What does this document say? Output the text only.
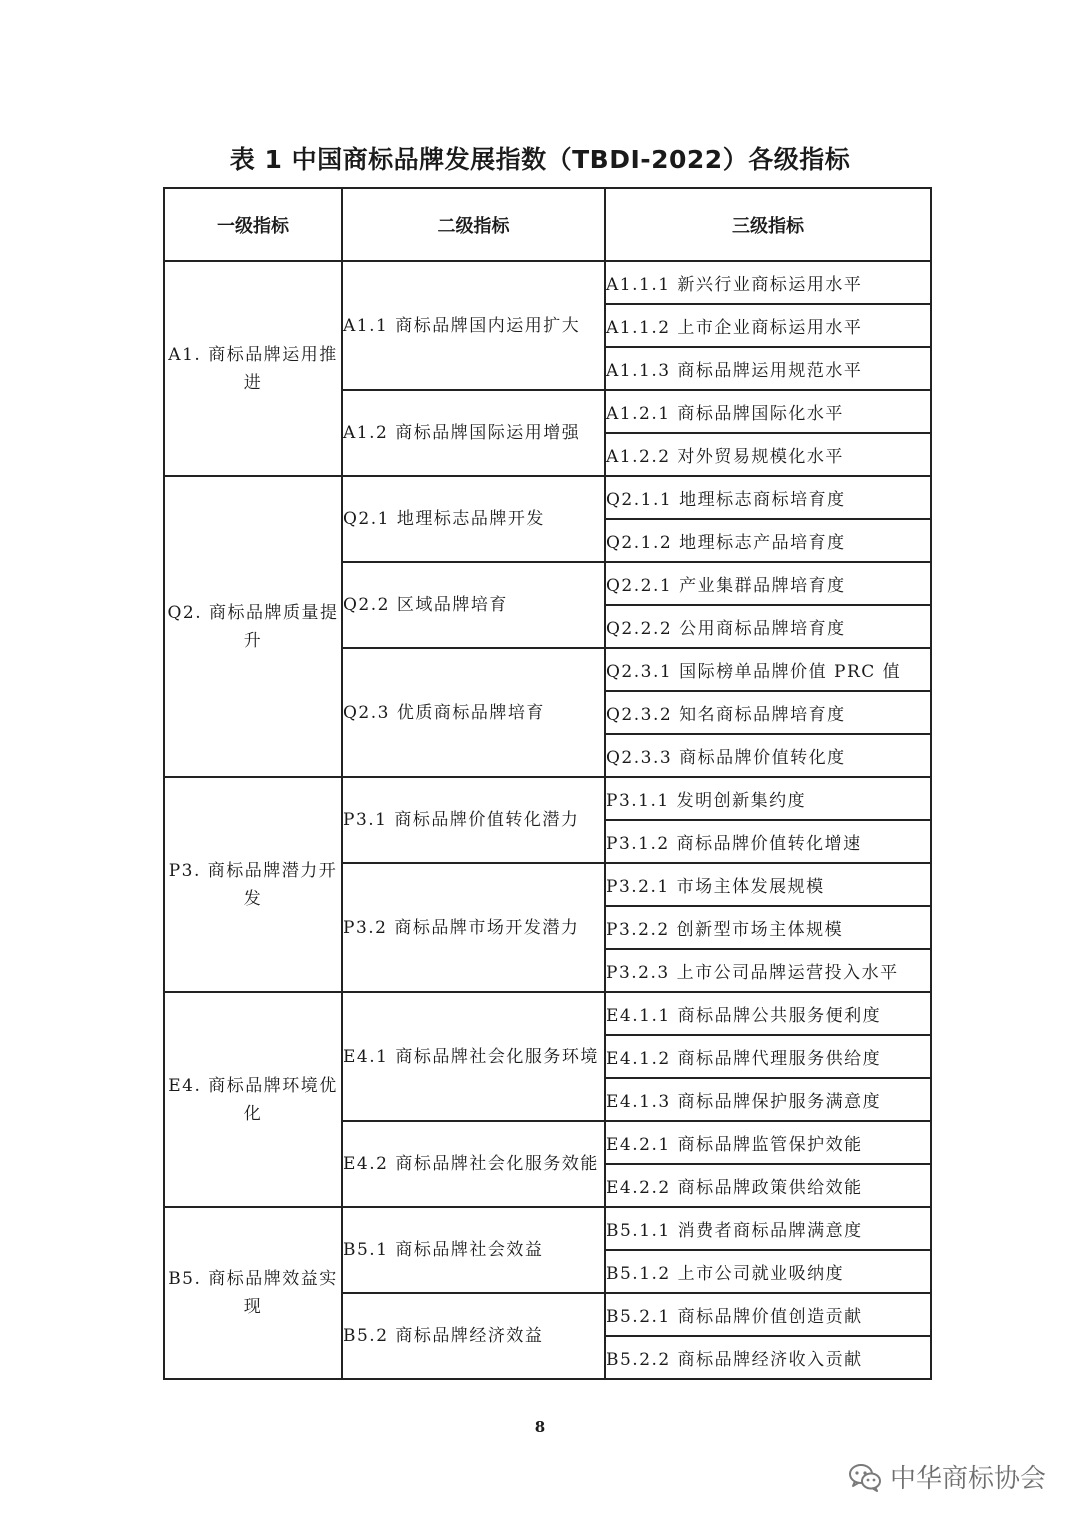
表 1 中国商标品牌发展指数（TBDI-2022）各级指标
一级指标	二级指标	三级指标
A1. 商标品牌运用推进	A1.1 商标品牌国内运用扩大	A1.1.1 新兴行业商标运用水平
		A1.1.2 上市企业商标运用水平
		A1.1.3 商标品牌运用规范水平
	A1.2 商标品牌国际运用增强	A1.2.1 商标品牌国际化水平
		A1.2.2 对外贸易规模化水平
Q2. 商标品牌质量提升	Q2.1 地理标志品牌开发	Q2.1.1 地理标志商标培育度
		Q2.1.2 地理标志产品培育度
	Q2.2 区域品牌培育	Q2.2.1 产业集群品牌培育度
		Q2.2.2 公用商标品牌培育度
	Q2.3 优质商标品牌培育	Q2.3.1 国际榜单品牌价值 PRC 值
		Q2.3.2 知名商标品牌培育度
		Q2.3.3 商标品牌价值转化度
P3. 商标品牌潜力开发	P3.1 商标品牌价值转化潜力	P3.1.1 发明创新集约度
		P3.1.2 商标品牌价值转化增速
	P3.2 商标品牌市场开发潜力	P3.2.1 市场主体发展规模
		P3.2.2 创新型市场主体规模
		P3.2.3 上市公司品牌运营投入水平
E4. 商标品牌环境优化	E4.1 商标品牌社会化服务环境	E4.1.1 商标品牌公共服务便利度
		E4.1.2 商标品牌代理服务供给度
		E4.1.3 商标品牌保护服务满意度
	E4.2 商标品牌社会化服务效能	E4.2.1 商标品牌监管保护效能
		E4.2.2 商标品牌政策供给效能
B5. 商标品牌效益实现	B5.1 商标品牌社会效益	B5.1.1 消费者商标品牌满意度
		B5.1.2 上市公司就业吸纳度
	B5.2 商标品牌经济效益	B5.2.1 商标品牌价值创造贡献
		B5.2.2 商标品牌经济收入贡献
8
中华商标协会
